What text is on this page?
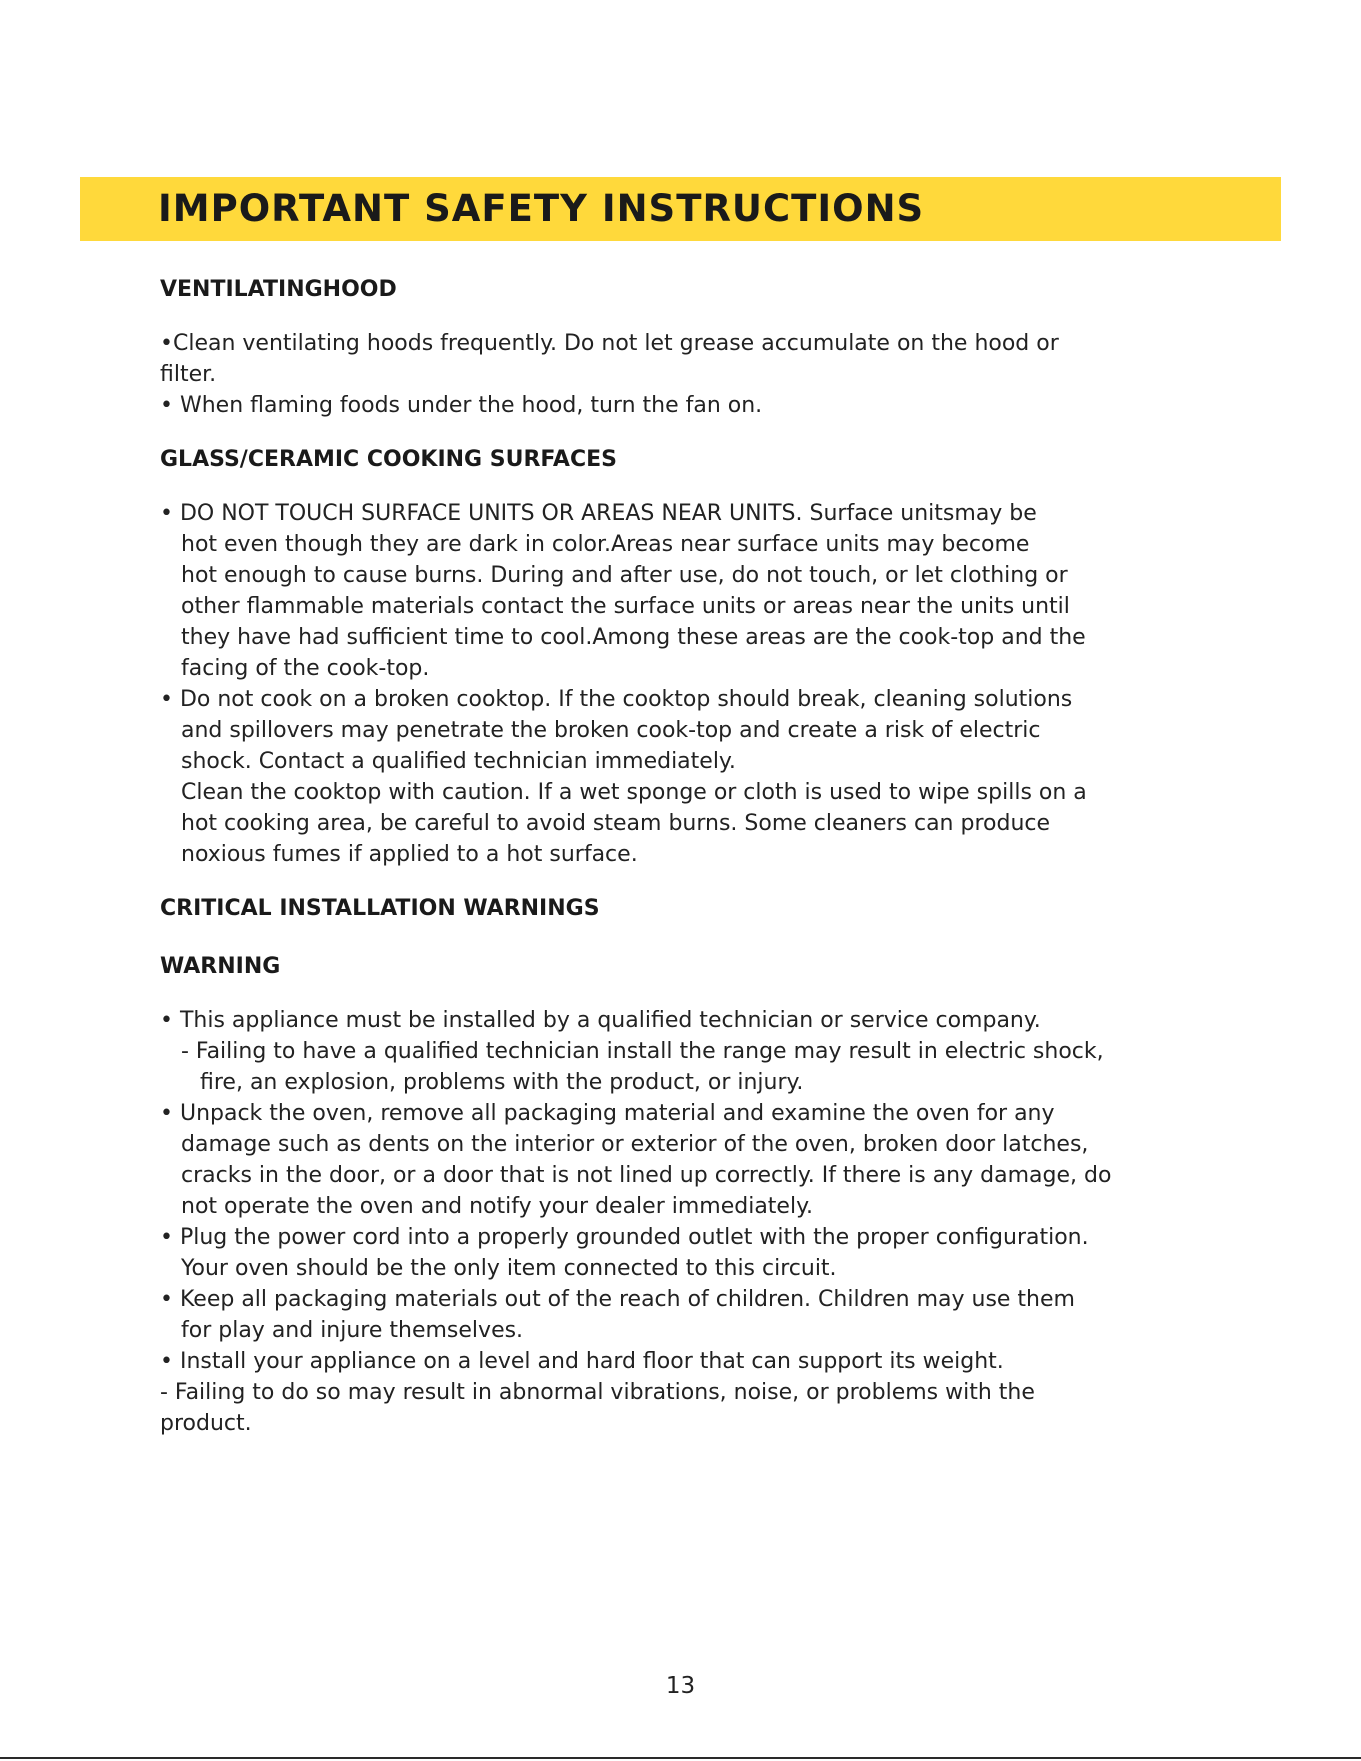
IMPORTANT SAFETY INSTRUCTIONS
VENTILATINGHOOD
•Clean ventilating hoods frequently. Do not let grease accumulate on the hood or
filter.
• When flaming foods under the hood, turn the fan on.
GLASS/CERAMIC COOKING SURFACES
• DO NOT TOUCH SURFACE UNITS OR AREAS NEAR UNITS. Surface unitsmay be
hot even though they are dark in color.Areas near surface units may become
hot enough to cause burns. During and after use, do not touch, or let clothing or
other flammable materials contact the surface units or areas near the units until
they have had sufficient time to cool.Among these areas are the cook-top and the
facing of the cook-top.
• Do not cook on a broken cooktop. If the cooktop should break, cleaning solutions
and spillovers may penetrate the broken cook-top and create a risk of electric
shock. Contact a qualified technician immediately.
Clean the cooktop with caution. If a wet sponge or cloth is used to wipe spills on a
hot cooking area, be careful to avoid steam burns. Some cleaners can produce
noxious fumes if applied to a hot surface.
CRITICAL INSTALLATION WARNINGS
WARNING
• This appliance must be installed by a qualified technician or service company.
- Failing to have a qualified technician install the range may result in electric shock,
fire, an explosion, problems with the product, or injury.
• Unpack the oven, remove all packaging material and examine the oven for any
damage such as dents on the interior or exterior of the oven, broken door latches,
cracks in the door, or a door that is not lined up correctly. If there is any damage, do
not operate the oven and notify your dealer immediately.
• Plug the power cord into a properly grounded outlet with the proper configuration.
Your oven should be the only item connected to this circuit.
• Keep all packaging materials out of the reach of children. Children may use them
for play and injure themselves.
• Install your appliance on a level and hard floor that can support its weight.
- Failing to do so may result in abnormal vibrations, noise, or problems with the
product.
13
